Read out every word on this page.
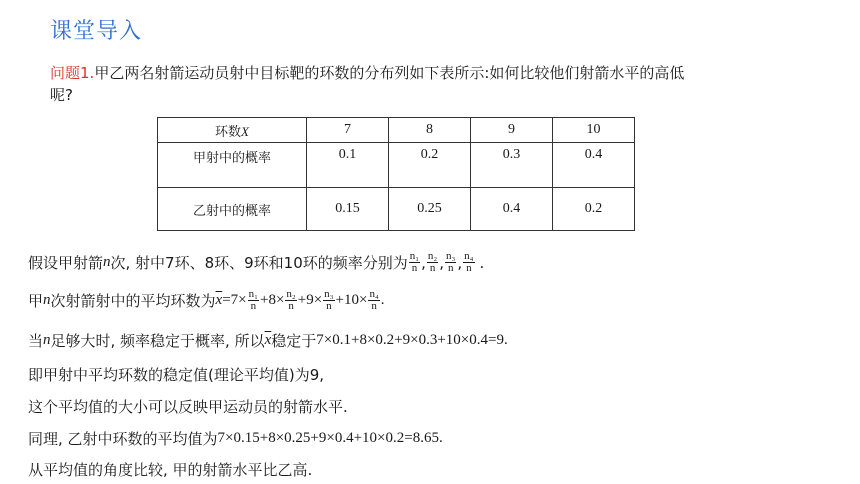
课堂导入
问题1.甲乙两名射箭运动员射中目标靶的环数的分布列如下表所示:如何比较他们射箭水平的高低呢?
环数X	7	8	9	10
甲射中的概率	0.1	0.2	0.3	0.4
乙射中的概率	0.15	0.25	0.4	0.2
假设甲射箭 n 次, 射中7环、8环、9环和10环的频率分别为 $\frac{\text{n₁}}{n}$ , $\frac{\text{n₂}}{n}$ , $\frac{\text{n₃}}{n}$ , $\frac{\text{n₄}}{n}$ .
甲 n 次射箭射中的平均环数为 $\overline{x} = 7\times \frac{\text{n₁}}{n} +8\times \frac{\text{n₂}}{n} +9\times \frac{\text{n₃}}{n} +10\times \frac{\text{n₄}}{n}$ .
当 n 足够大时, 频率稳定于概率, 所以 $\overline{x}$ 稳定于 7×0.1+8×0.2+9×0.3+10×0.4=9.
即甲射中平均环数的稳定值(理论平均值)为9,
这个平均值的大小可以反映甲运动员的射箭水平.
同理, 乙射中环数的平均值为 7×0.15+8×0.25+9×0.4+10×0.2=8.65.
从平均值的角度比较, 甲的射箭水平比乙高.
